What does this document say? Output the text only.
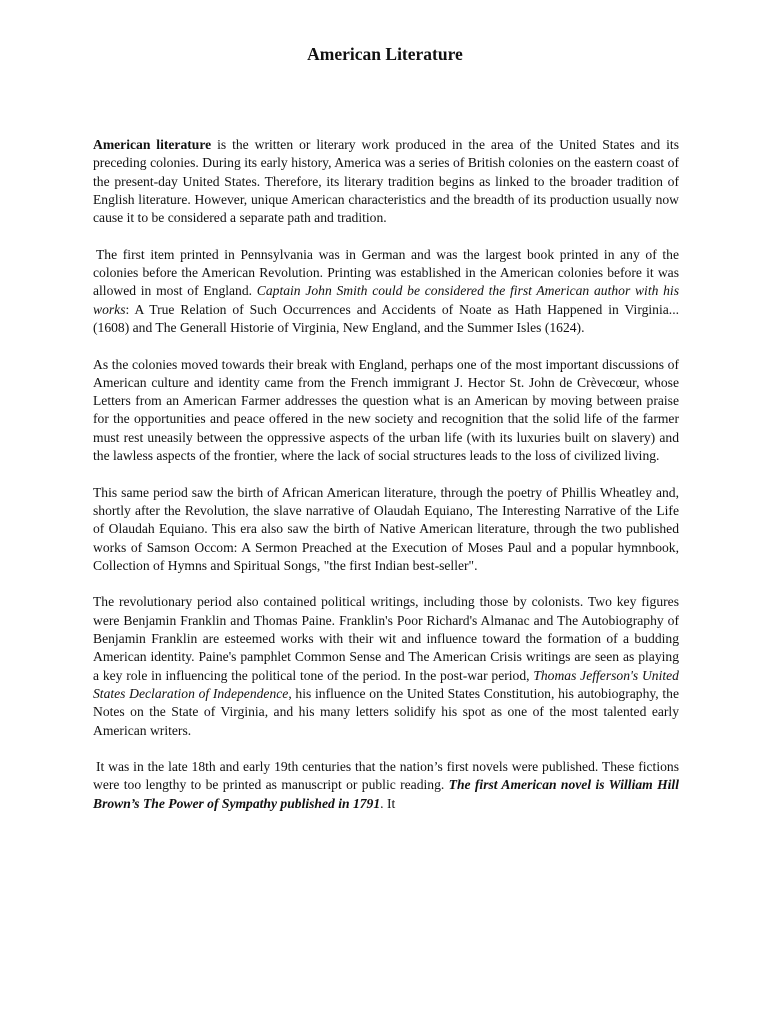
American Literature

American literature is the written or literary work produced in the area of the United States and its preceding colonies. During its early history, America was a series of British colonies on the eastern coast of the present-day United States. Therefore, its literary tradition begins as linked to the broader tradition of English literature. However, unique American characteristics and the breadth of its production usually now cause it to be considered a separate path and tradition.

The first item printed in Pennsylvania was in German and was the largest book printed in any of the colonies before the American Revolution. Printing was established in the American colonies before it was allowed in most of England. Captain John Smith could be considered the first American author with his works: A True Relation of Such Occurrences and Accidents of Noate as Hath Happened in Virginia... (1608) and The Generall Historie of Virginia, New England, and the Summer Isles (1624).

As the colonies moved towards their break with England, perhaps one of the most important discussions of American culture and identity came from the French immigrant J. Hector St. John de Crèvecœur, whose Letters from an American Farmer addresses the question what is an American by moving between praise for the opportunities and peace offered in the new society and recognition that the solid life of the farmer must rest uneasily between the oppressive aspects of the urban life (with its luxuries built on slavery) and the lawless aspects of the frontier, where the lack of social structures leads to the loss of civilized living.

This same period saw the birth of African American literature, through the poetry of Phillis Wheatley and, shortly after the Revolution, the slave narrative of Olaudah Equiano, The Interesting Narrative of the Life of Olaudah Equiano. This era also saw the birth of Native American literature, through the two published works of Samson Occom: A Sermon Preached at the Execution of Moses Paul and a popular hymnbook, Collection of Hymns and Spiritual Songs, "the first Indian best-seller".

The revolutionary period also contained political writings, including those by colonists. Two key figures were Benjamin Franklin and Thomas Paine. Franklin's Poor Richard's Almanac and The Autobiography of Benjamin Franklin are esteemed works with their wit and influence toward the formation of a budding American identity. Paine's pamphlet Common Sense and The American Crisis writings are seen as playing a key role in influencing the political tone of the period. In the post-war period, Thomas Jefferson's United States Declaration of Independence, his influence on the United States Constitution, his autobiography, the Notes on the State of Virginia, and his many letters solidify his spot as one of the most talented early American writers.

It was in the late 18th and early 19th centuries that the nation’s first novels were published. These fictions were too lengthy to be printed as manuscript or public reading. The first American novel is William Hill Brown’s The Power of Sympathy published in 1791. It
